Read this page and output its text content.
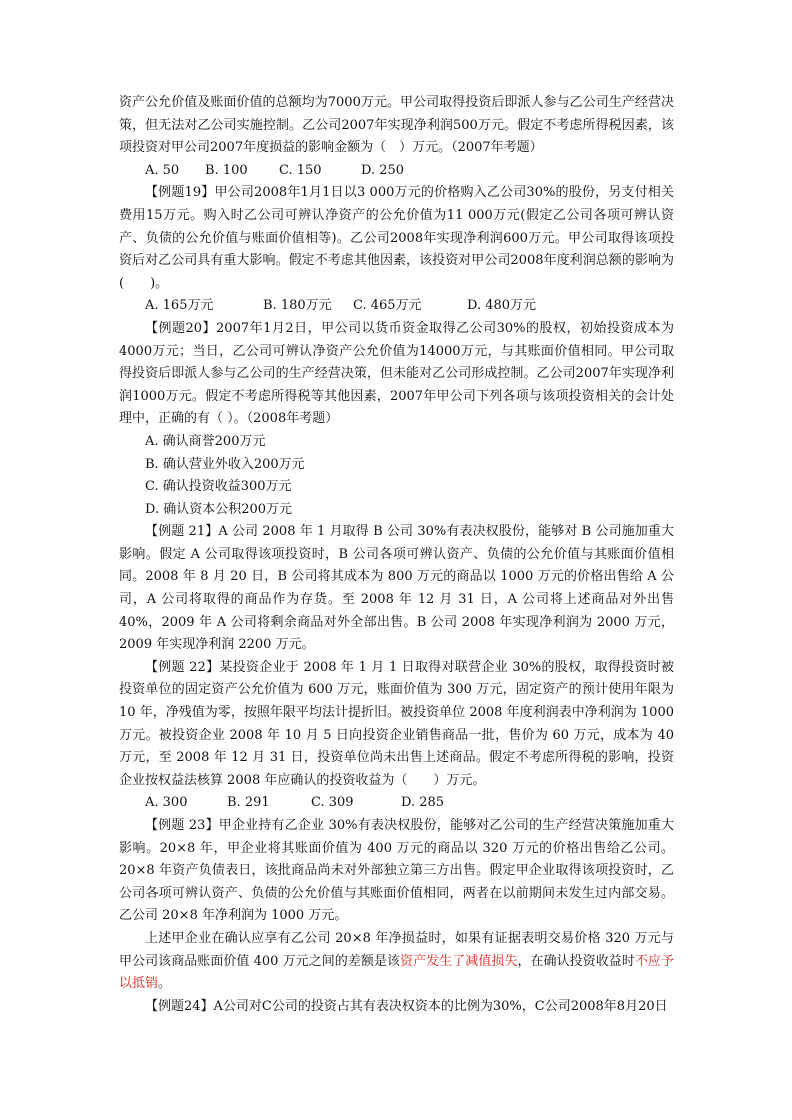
资产公允价值及账面价值的总额均为7000万元。甲公司取得投资后即派人参与乙公司生产经营决策，但无法对乙公司实施控制。乙公司2007年实现净利润500万元。假定不考虑所得税因素，该项投资对甲公司2007年度损益的影响金额为（　）万元。（2007年考题）

A. 50 B. 100 C. 150	D. 250

【例题19】甲公司2008年1月1日以3 000万元的价格购入乙公司30%的股份，另支付相关费用15万元。购入时乙公司可辨认净资产的公允价值为11 000万元(假定乙公司各项可辨认资产、负债的公允价值与账面价值相等)。乙公司2008年实现净利润600万元。甲公司取得该项投资后对乙公司具有重大影响。假定不考虑其他因素，该投资对甲公司2008年度利润总额的影响为(　　)。

A. 165万元	B. 180万元 C. 465万元	D. 480万元

【例题20】2007年1月2日，甲公司以货币资金取得乙公司30%的股权，初始投资成本为4000万元；当日，乙公司可辨认净资产公允价值为14000万元，与其账面价值相同。甲公司取得投资后即派人参与乙公司的生产经营决策，但未能对乙公司形成控制。乙公司2007年实现净利润1000万元。假定不考虑所得税等其他因素，2007年甲公司下列各项与该项投资相关的会计处理中，正确的有（ ）。（2008年考题）

A. 确认商誉200万元
B. 确认营业外收入200万元
C. 确认投资收益300万元
D. 确认资本公积200万元

【例题 21】A 公司 2008 年 1 月取得 B 公司 30%有表决权股份，能够对 B 公司施加重大影响。假定 A 公司取得该项投资时，B 公司各项可辨认资产、负债的公允价值与其账面价值相同。2008 年 8 月 20 日，B 公司将其成本为 800 万元的商品以 1000 万元的价格出售给 A 公司，A 公司将取得的商品作为存货。至 2008 年 12 月 31 日，A 公司将上述商品对外出售 40%，2009 年 A 公司将剩余商品对外全部出售。B 公司 2008 年实现净利润为 2000 万元，2009 年实现净利润 2200 万元。

【例题 22】某投资企业于 2008 年 1 月 1 日取得对联营企业 30%的股权，取得投资时被投资单位的固定资产公允价值为 600 万元，账面价值为 300 万元，固定资产的预计使用年限为 10 年，净残值为零，按照年限平均法计提折旧。被投资单位 2008 年度利润表中净利润为 1000 万元。被投资企业 2008 年 10 月 5 日向投资企业销售商品一批，售价为 60 万元，成本为 40 万元，至 2008 年 12 月 31 日，投资单位尚未出售上述商品。假定不考虑所得税的影响，投资企业按权益法核算 2008 年应确认的投资收益为（　　）万元。

A. 300	B. 291	C. 309	D. 285

【例题 23】甲企业持有乙企业 30%有表决权股份，能够对乙公司的生产经营决策施加重大影响。20×8 年，甲企业将其账面价值为 400 万元的商品以 320 万元的价格出售给乙公司。20×8 年资产负债表日，该批商品尚未对外部独立第三方出售。假定甲企业取得该项投资时，乙公司各项可辨认资产、负债的公允价值与其账面价值相同，两者在以前期间未发生过内部交易。乙公司 20×8 年净利润为 1000 万元。

上述甲企业在确认应享有乙公司 20×8 年净损益时，如果有证据表明交易价格 320 万元与甲公司该商品账面价值 400 万元之间的差额是该资产发生了减值损失，在确认投资收益时不应予以抵销。

【例题24】A公司对C公司的投资占其有表决权资本的比例为30%，C公司2008年8月20日
